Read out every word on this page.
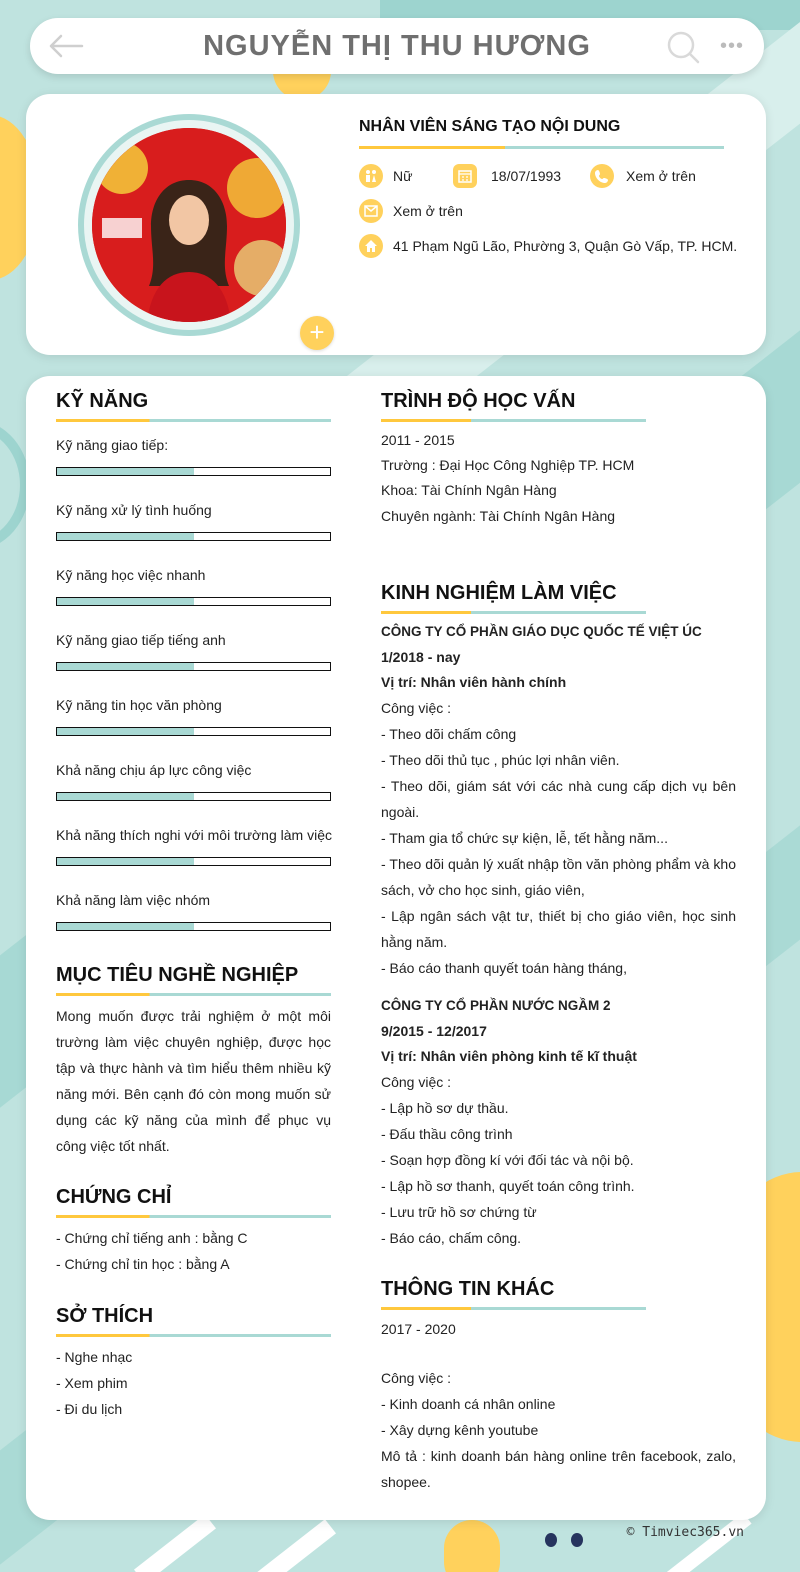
NGUYỄN THỊ THU HƯƠNG	•••
+
NHÂN VIÊN SÁNG TẠO NỘI DUNG
Nữ	18/07/1993	Xem ở trên
Xem ở trên
41 Phạm Ngũ Lão, Phường 3, Quận Gò Vấp, TP. HCM.
KỸ NĂNG
Kỹ năng giao tiếp:
Kỹ năng xử lý tình huống
Kỹ năng học việc nhanh
Kỹ năng giao tiếp tiếng anh
Kỹ năng tin học văn phòng
Khả năng chịu áp lực công việc
Khả năng thích nghi với môi trường làm việc
Khả năng làm việc nhóm
MỤC TIÊU NGHỀ NGHIỆP
Mong muốn được trải nghiệm ở một môi trường làm việc chuyên nghiệp, được học tập và thực hành và tìm hiểu thêm nhiều kỹ năng mới. Bên cạnh đó còn mong muốn sử dụng các kỹ năng của mình để phục vụ công việc tốt nhất.
CHỨNG CHỈ
- Chứng chỉ tiếng anh : bằng C
- Chứng chỉ tin học : bằng A
SỞ THÍCH
- Nghe nhạc
- Xem phim
- Đi du lịch
TRÌNH ĐỘ HỌC VẤN
2011 - 2015
Trường : Đại Học Công Nghiệp TP. HCM
Khoa: Tài Chính Ngân Hàng
Chuyên ngành: Tài Chính Ngân Hàng
KINH NGHIỆM LÀM VIỆC
CÔNG TY CỔ PHẦN GIÁO DỤC QUỐC TẾ VIỆT ÚC
1/2018 - nay
Vị trí: Nhân viên hành chính
Công việc :
- Theo dõi chấm công
- Theo dõi thủ tục , phúc lợi nhân viên.
- Theo dõi, giám sát với các nhà cung cấp dịch vụ bên ngoài.
- Tham gia tổ chức sự kiện, lễ, tết hằng năm...
- Theo dõi quản lý xuất nhập tồn văn phòng phẩm và kho sách, vở cho học sinh, giáo viên,
- Lập ngân sách vật tư, thiết bị cho giáo viên, học sinh hằng năm.
- Báo cáo thanh quyết toán hàng tháng,
CÔNG TY CỔ PHẦN NƯỚC NGẦM 2
9/2015 - 12/2017
Vị trí: Nhân viên phòng kinh tế kĩ thuật
Công việc :
- Lập hồ sơ dự thầu.
- Đấu thầu công trình
- Soạn hợp đồng kí với đối tác và nội bộ.
- Lập hồ sơ thanh, quyết toán công trình.
- Lưu trữ hồ sơ chứng từ
- Báo cáo, chấm công.
THÔNG TIN KHÁC
2017 - 2020
Công việc :
- Kinh doanh cá nhân online
- Xây dựng kênh youtube
Mô tả : kinh doanh bán hàng online trên facebook, zalo, shopee.
© Timviec365.vn
